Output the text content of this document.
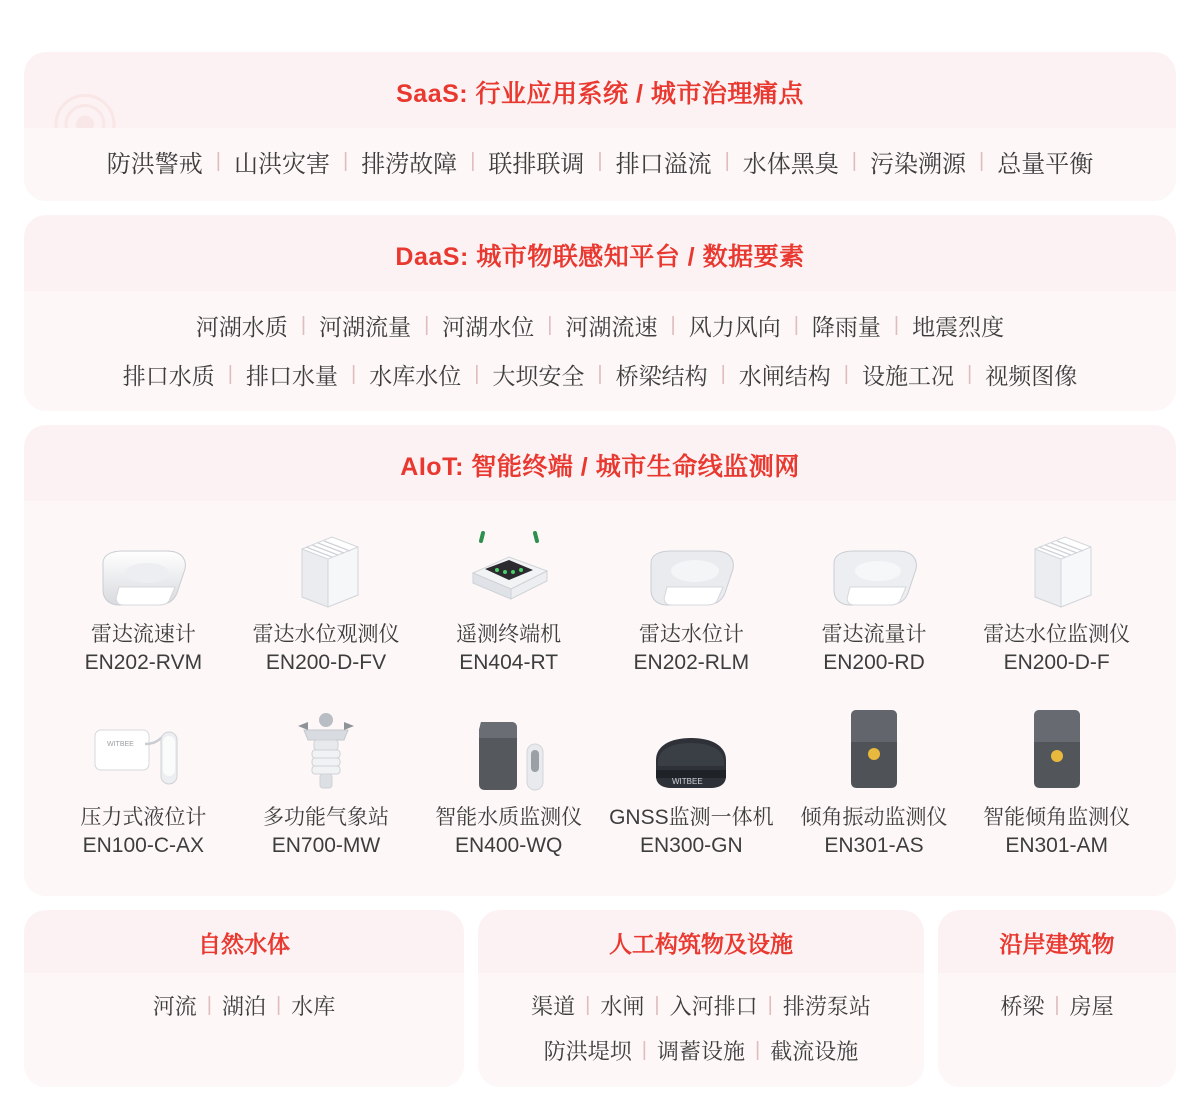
SaaS: 行业应用系统 / 城市治理痛点
防洪警戒 | 山洪灾害 | 排涝故障 | 联排联调 | 排口溢流 | 水体黑臭 | 污染溯源 | 总量平衡
DaaS: 城市物联感知平台 / 数据要素
河湖水质 | 河湖流量 | 河湖水位 | 河湖流速 | 风力风向 | 降雨量 | 地震烈度
排口水质 | 排口水量 | 水库水位 | 大坝安全 | 桥梁结构 | 水闸结构 | 设施工况 | 视频图像
AIoT: 智能终端 / 城市生命线监测网
雷达流速计
EN202-RVM
雷达水位观测仪
EN200-D-FV
遥测终端机
EN404-RT
雷达水位计
EN202-RLM
雷达流量计
EN200-RD
雷达水位监测仪
EN200-D-F
WITBEE
压力式液位计
EN100-C-AX
多功能气象站
EN700-MW
智能水质监测仪
EN400-WQ
WITBEE
GNSS监测一体机
EN300-GN
倾角振动监测仪
EN301-AS
智能倾角监测仪
EN301-AM
自然水体
河流 | 湖泊 | 水库
人工构筑物及设施
渠道 | 水闸 | 入河排口 | 排涝泵站
防洪堤坝 | 调蓄设施 | 截流设施
沿岸建筑物
桥梁 | 房屋
